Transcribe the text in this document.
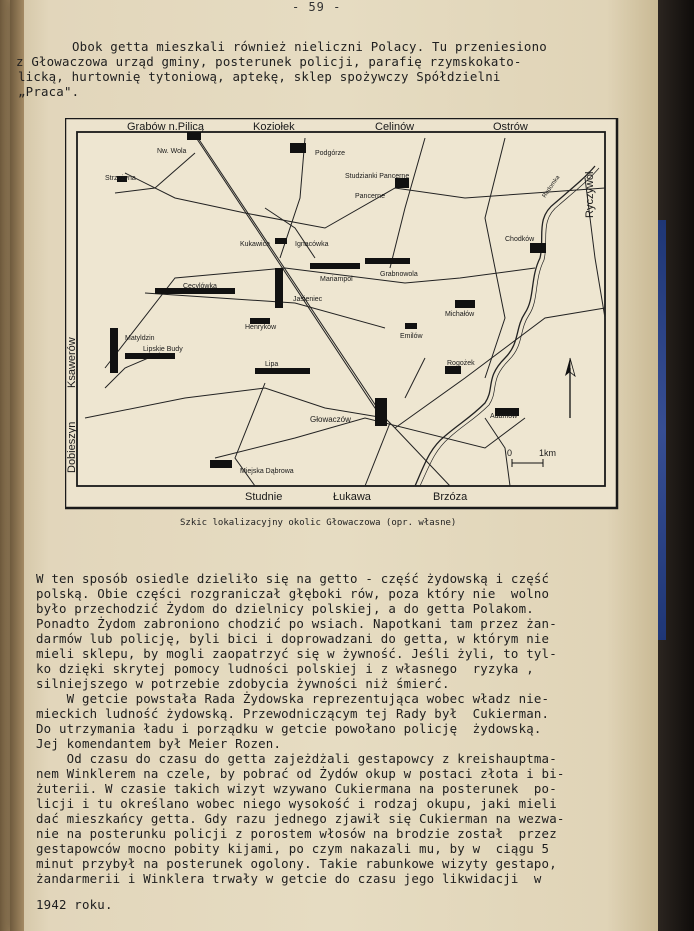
- 59 -
Obok getta mieszkali również nieliczni Polacy. Tu przeniesiono
z Głowaczowa urząd gminy, posterunek policji, parafię rzymskokato-
licką, hurtownię tytoniową, aptekę, sklep spożywczy Spółdzielni
„Praca".
Grabów n.Pilicą	Koziołek	Celinów	Ostrów
Studnie	Łukawa	Brzóza
Dobieszyn
Ksawerów
Ryczywół
Nw. Wola	Podgórze
Strzyżyna	Studzianki Pancerne
Pancerne
Chodków
Kukawica	Ignacówka
Mariampol
Grabnowola
Cecylówka
Jasieniec
Michałów
Matyldzin
Lipskie Budy
Henryków
Emilów
Rogożek
Lipa
Adamów
Głowaczów
Miejska Dąbrowa
Radomka
0	1km
Szkic lokalizacyjny okolic Głowaczowa (opr. własne)
W ten sposób osiedle dzieliło się na getto - część żydowską i część
polską. Obie części rozgraniczał głęboki rów, poza który nie  wolno
było przechodzić Żydom do dzielnicy polskiej, a do getta Polakom.
Ponadto Żydom zabroniono chodzić po wsiach. Napotkani tam przez żan-
darmów lub policję, byli bici i doprowadzani do getta, w którym nie
mieli sklepu, by mogli zaopatrzyć się w żywność. Jeśli żyli, to tyl-
ko dzięki skrytej pomocy ludności polskiej i z własnego  ryzyka ,
silniejszego w potrzebie zdobycia żywności niż śmierć.
W getcie powstała Rada Żydowska reprezentująca wobec władz nie-
mieckich ludność żydowską. Przewodniczącym tej Rady był  Cukierman.
Do utrzymania ładu i porządku w getcie powołano policję  żydowską.
Jej komendantem był Meier Rozen.
Od czasu do czasu do getta zajeżdżali gestapowcy z kreishauptma-
nem Winklerem na czele, by pobrać od Żydów okup w postaci złota i bi-
żuterii. W czasie takich wizyt wzywano Cukiermana na posterunek  po-
licji i tu określano wobec niego wysokość i rodzaj okupu, jaki mieli
dać mieszkańcy getta. Gdy razu jednego zjawił się Cukierman na wezwa-
nie na posterunku policji z porostem włosów na brodzie został  przez
gestapowców mocno pobity kijami, po czym nakazali mu, by w  ciągu 5
minut przybył na posterunek ogolony. Takie rabunkowe wizyty gestapo,
żandarmerii i Winklera trwały w getcie do czasu jego likwidacji  w
1942 roku.
